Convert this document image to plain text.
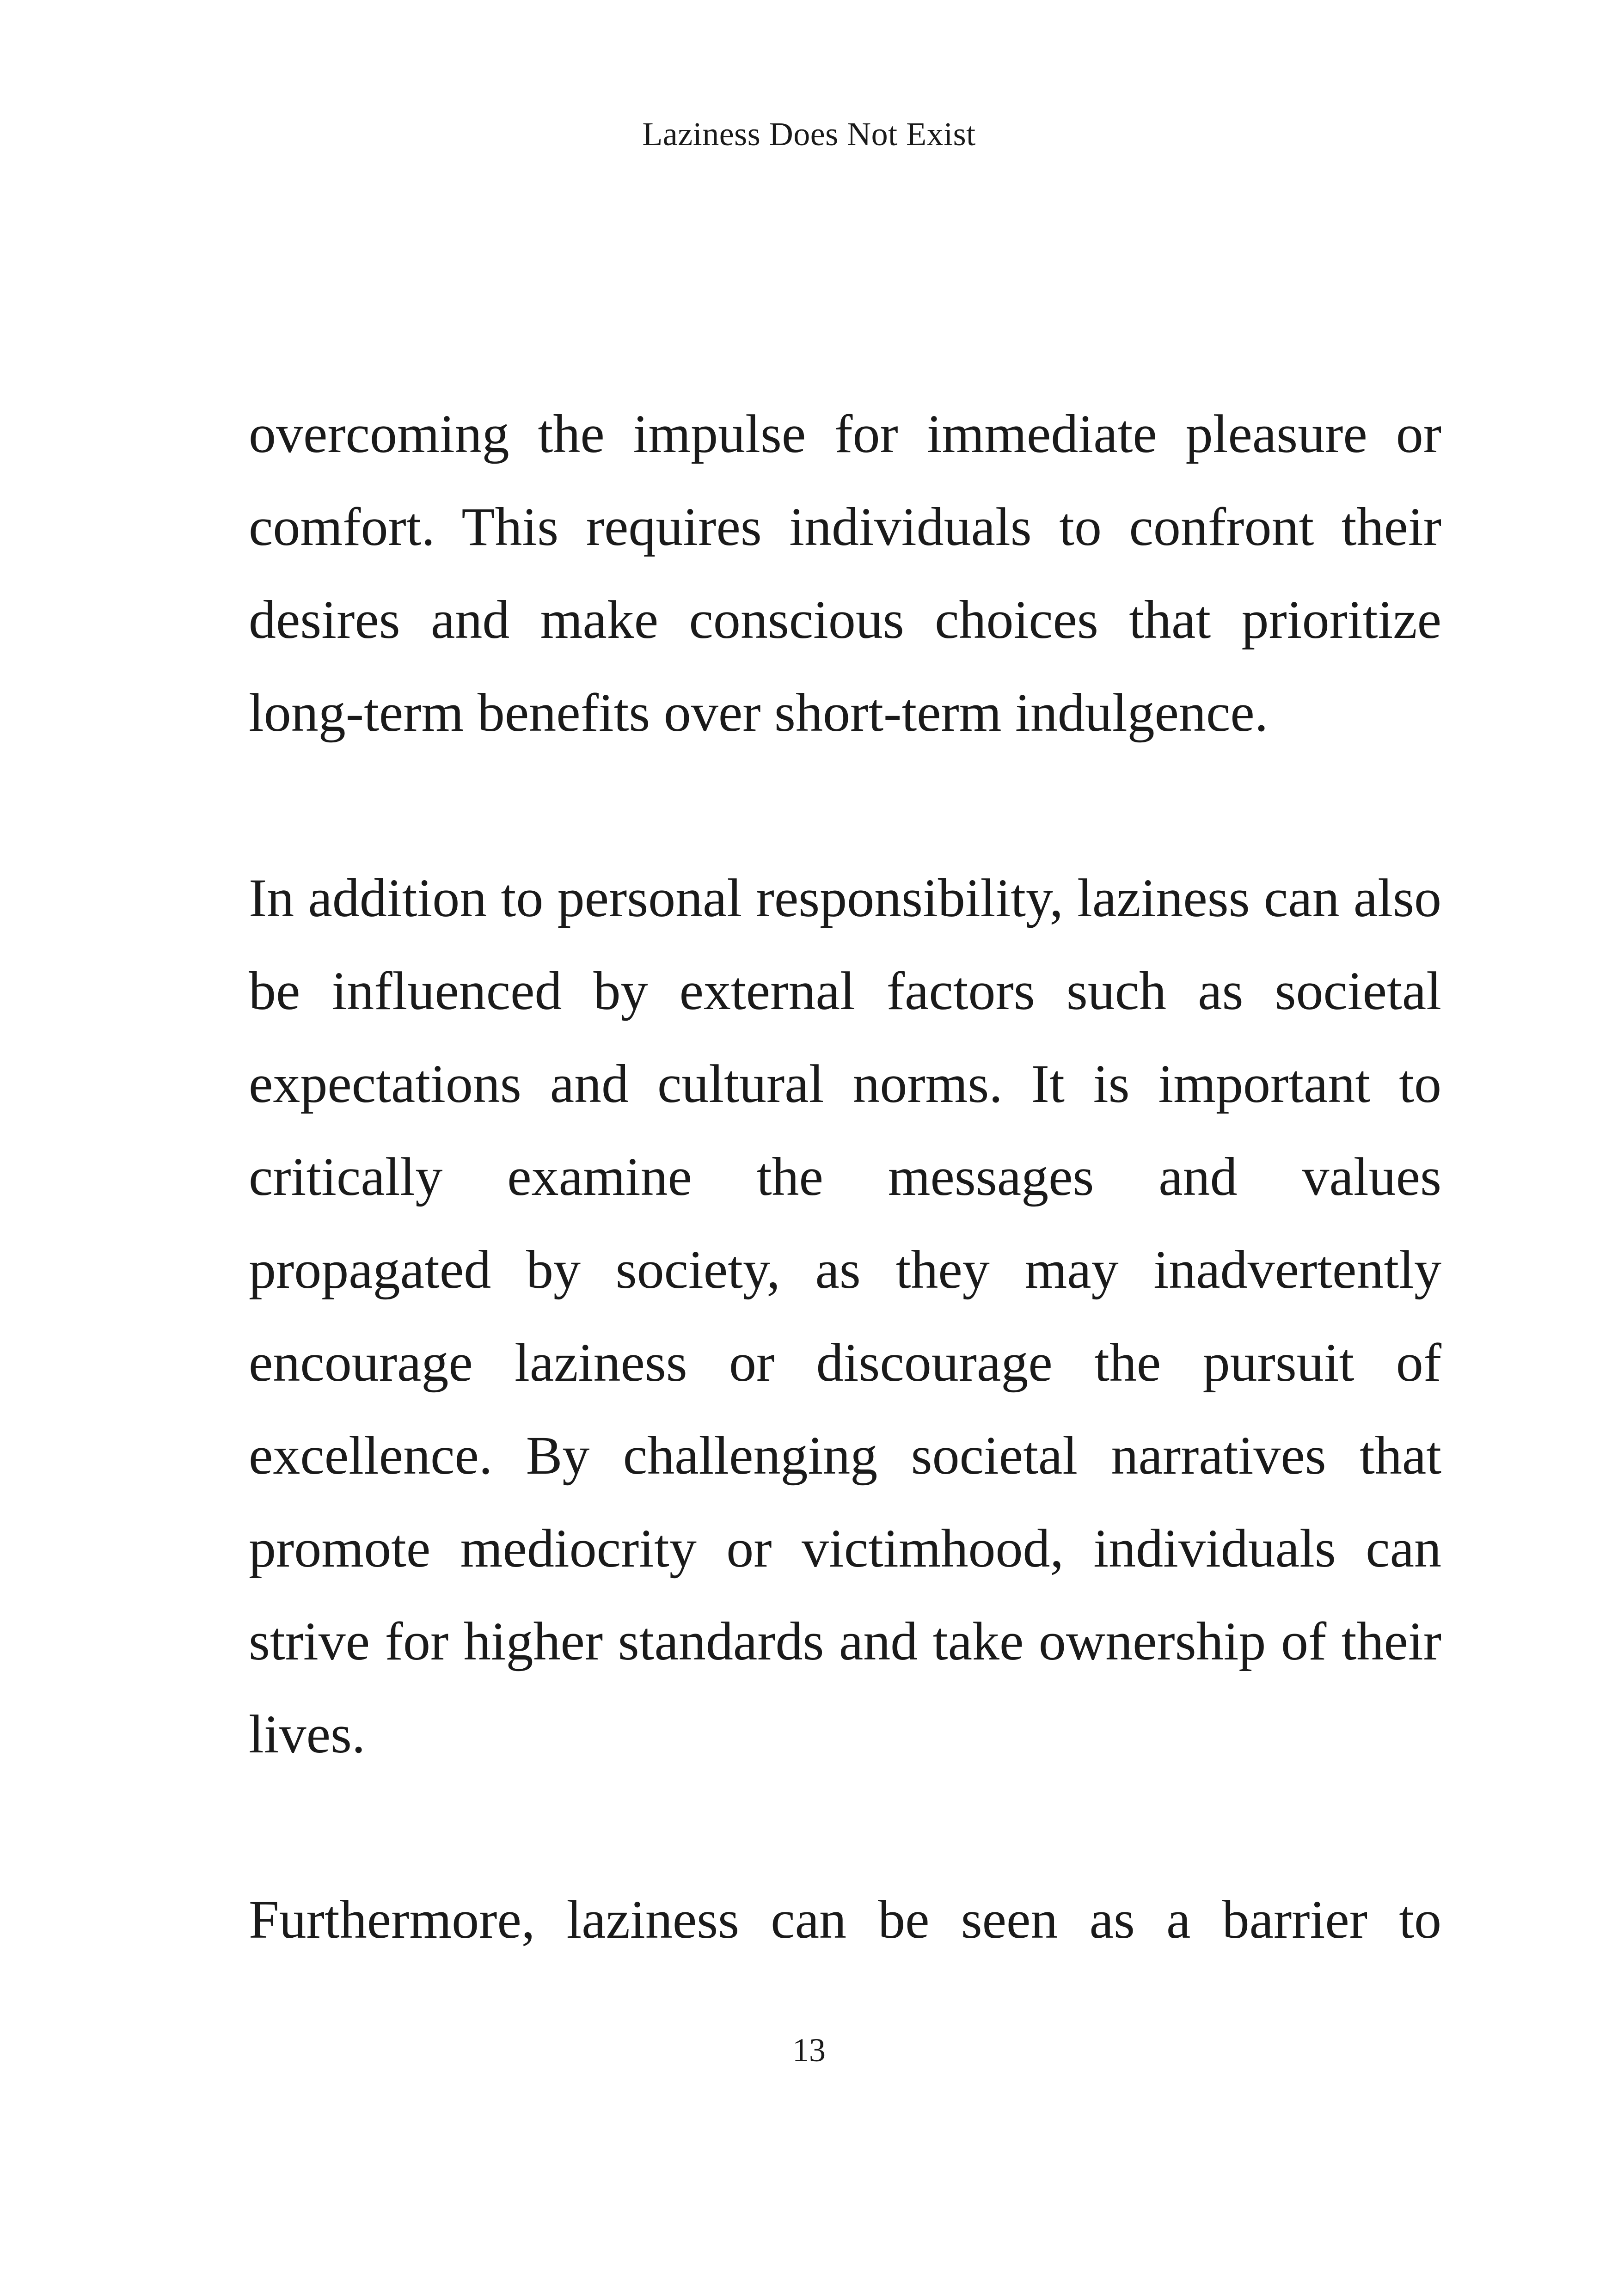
Laziness Does Not Exist

overcoming the impulse for immediate pleasure or comfort. This requires individuals to confront their desires and make conscious choices that prioritize long-term benefits over short-term indulgence.

In addition to personal responsibility, laziness can also be influenced by external factors such as societal expectations and cultural norms. It is important to critically examine the messages and values propagated by society, as they may inadvertently encourage laziness or discourage the pursuit of excellence. By challenging societal narratives that promote mediocrity or victimhood, individuals can strive for higher standards and take ownership of their lives.

Furthermore, laziness can be seen as a barrier to

13
